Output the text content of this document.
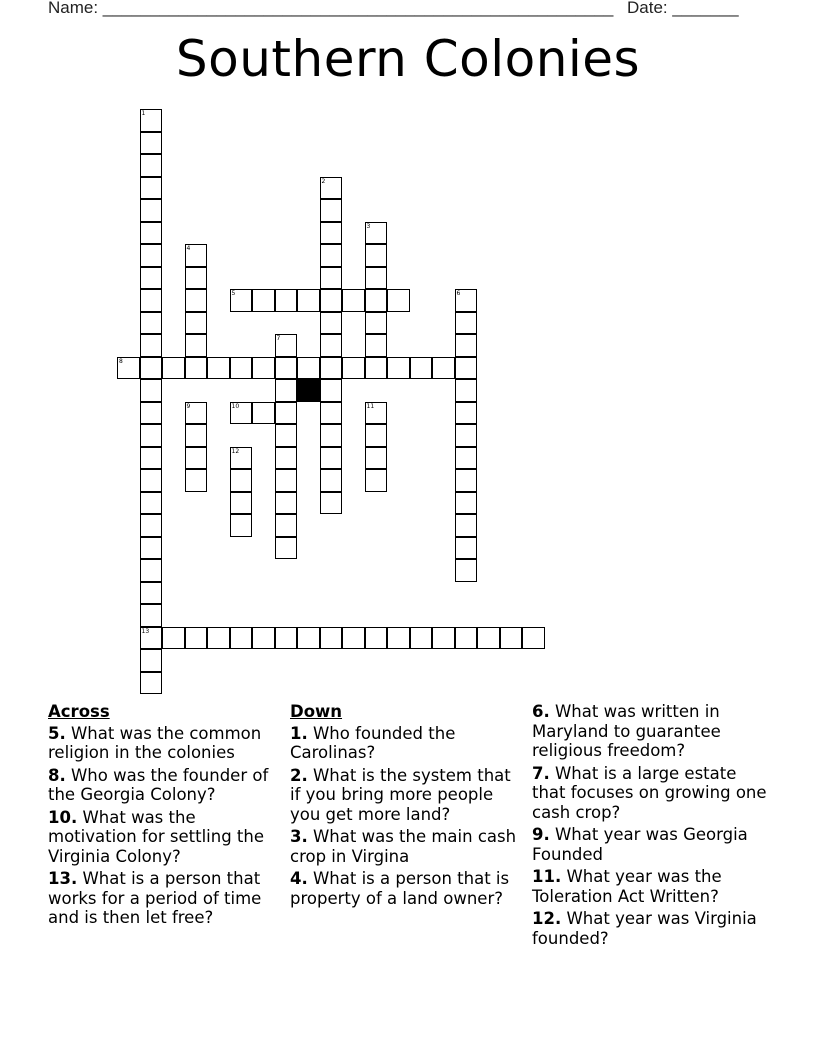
Name: ______________________________________________________ Date: _______
Southern Colonies
1
13
2
3
4
5	6
7
8
9	10	11
12
Across
5. What was the common religion in the colonies
8. Who was the founder of the Georgia Colony?
10. What was the motivation for settling the Virginia Colony?
13. What is a person that works for a period of time and is then let free?
Down
1. Who founded the Carolinas?
2. What is the system that if you bring more people you get more land?
3. What was the main cash crop in Virgina
4. What is a person that is property of a land owner?
6. What was written in Maryland to guarantee religious freedom?
7. What is a large estate that focuses on growing one cash crop?
9. What year was Georgia Founded
11. What year was the Toleration Act Written?
12. What year was Virginia founded?
